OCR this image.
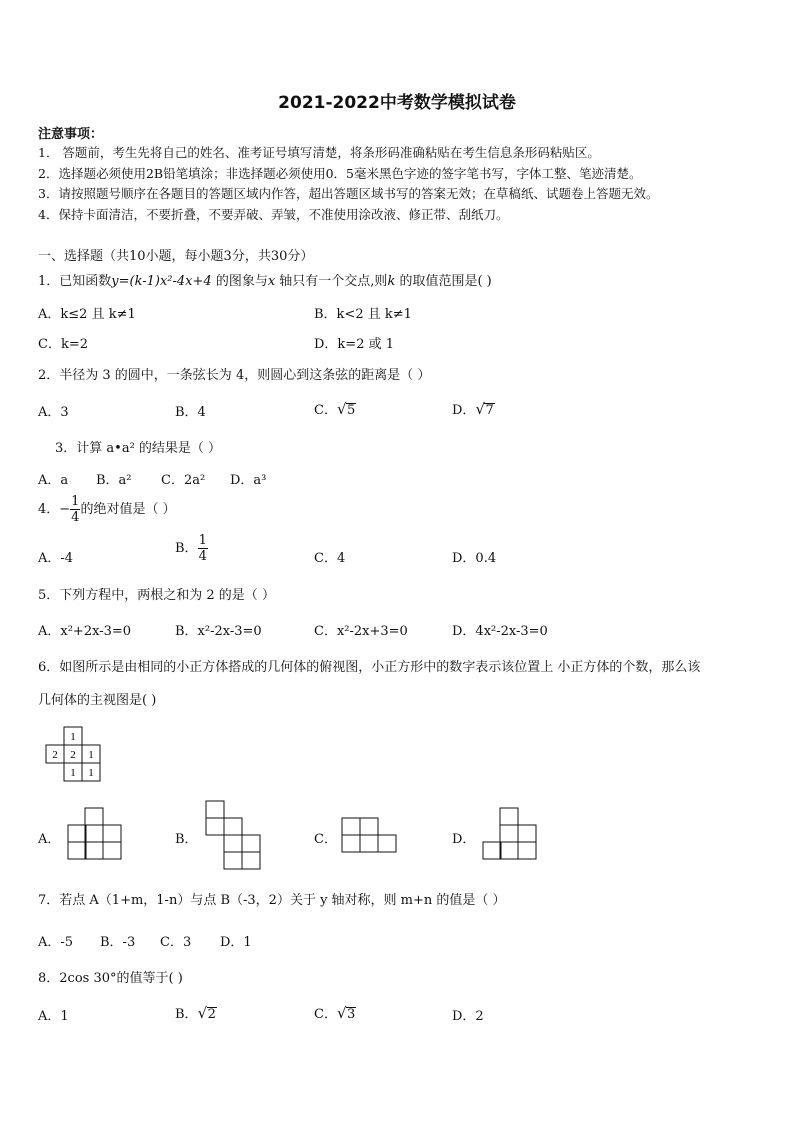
2021-2022中考数学模拟试卷
注意事项：
1． 答题前，考生先将自己的姓名、准考证号填写清楚，将条形码准确粘贴在考生信息条形码粘贴区。
2．选择题必须使用2B铅笔填涂；非选择题必须使用0．5毫米黑色字迹的签字笔书写，字体工整、笔迹清楚。
3．请按照题号顺序在各题目的答题区域内作答，超出答题区域书写的答案无效；在草稿纸、试题卷上答题无效。
4．保持卡面清洁，不要折叠，不要弄破、弄皱，不准使用涂改液、修正带、刮纸刀。
一、选择题（共10小题，每小题3分，共30分）
1．已知函数y=(k-1)x²-4x+4 的图象与x 轴只有一个交点,则k 的取值范围是( )
A．k≤2 且 k≠1	B．k<2 且 k≠1
C．k=2	D．k=2 或 1
2．半径为 3 的圆中，一条弦长为 4，则圆心到这条弦的距离是（ ）
A．3	B．4	C． √ 5	D． √ 7
3．计算 a•a² 的结果是（ ）
A．a B．a² C．2a² D．a³
4．− $\frac{1}{4}$ 的绝对值是（ ）
A．-4
B． $\frac{1}{4}$	C．4	D．0.4
5．下列方程中，两根之和为 2 的是（ ）
A．x²+2x-3=0	B．x²-2x-3=0	C．x²-2x+3=0	D．4x²-2x-3=0
6．如图所示是由相同的小正方体搭成的几何体的俯视图，小正方形中的数字表示该位置上 小正方体的个数，那么该
几何体的主视图是( )
1
2 2 1
1 1
A．	B．	C．	D．
7．若点 A（1+m，1-n）与点 B（-3，2）关于 y 轴对称，则 m+n 的值是（ ）
A．-5 B．-3 C．3 D．1
8．2cos 30°的值等于( )
A．1	B． √ 2	C． √ 3	D．2
